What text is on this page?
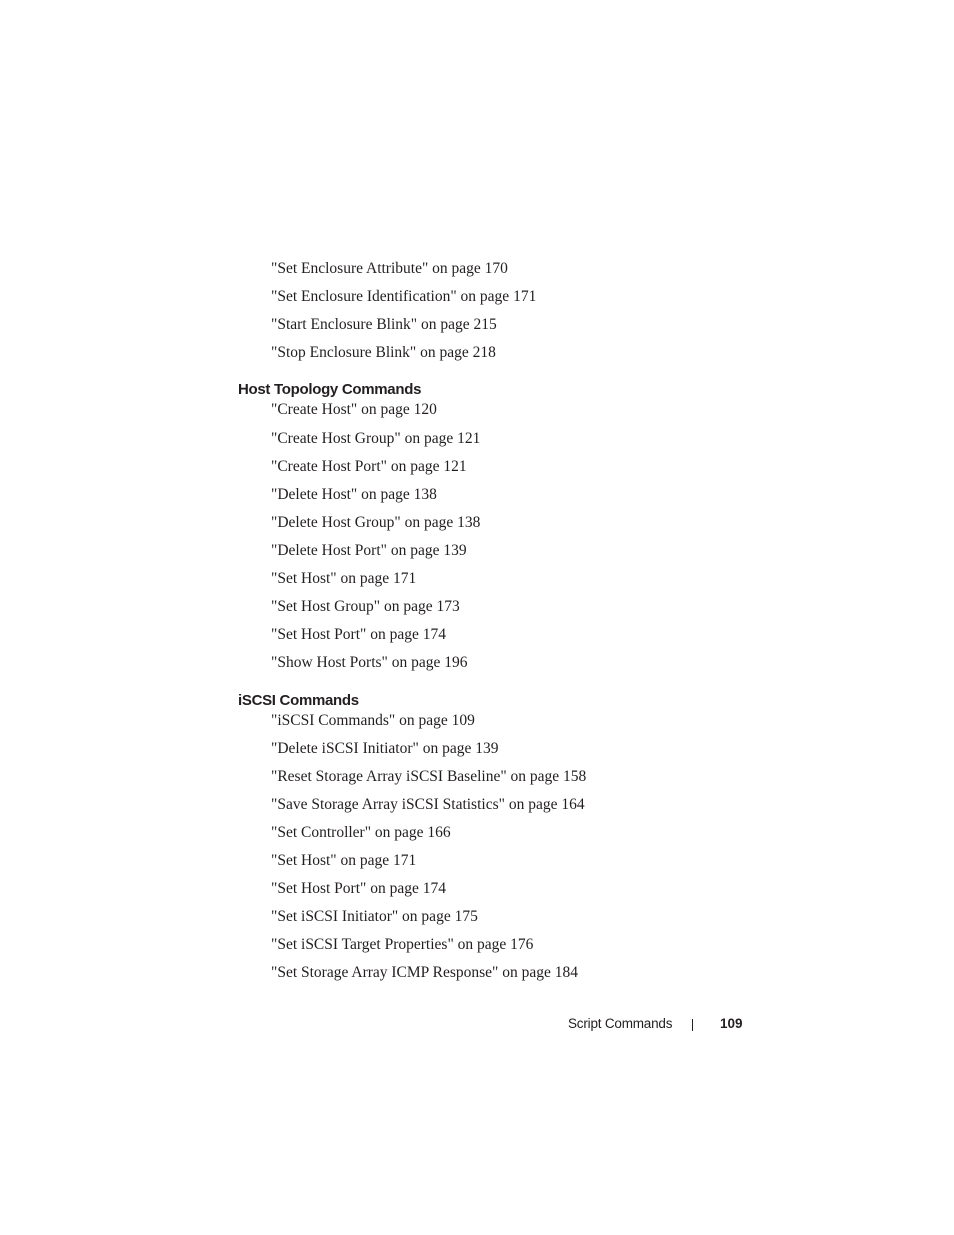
"Set Enclosure Attribute" on page 170
"Set Enclosure Identification" on page 171
"Start Enclosure Blink" on page 215
"Stop Enclosure Blink" on page 218
Host Topology Commands
"Create Host" on page 120
"Create Host Group" on page 121
"Create Host Port" on page 121
"Delete Host" on page 138
"Delete Host Group" on page 138
"Delete Host Port" on page 139
"Set Host" on page 171
"Set Host Group" on page 173
"Set Host Port" on page 174
"Show Host Ports" on page 196
iSCSI Commands
"iSCSI Commands" on page 109
"Delete iSCSI Initiator" on page 139
"Reset Storage Array iSCSI Baseline" on page 158
"Save Storage Array iSCSI Statistics" on page 164
"Set Controller" on page 166
"Set Host" on page 171
"Set Host Port" on page 174
"Set iSCSI Initiator" on page 175
"Set iSCSI Target Properties" on page 176
"Set Storage Array ICMP Response" on page 184
Script Commands	109
